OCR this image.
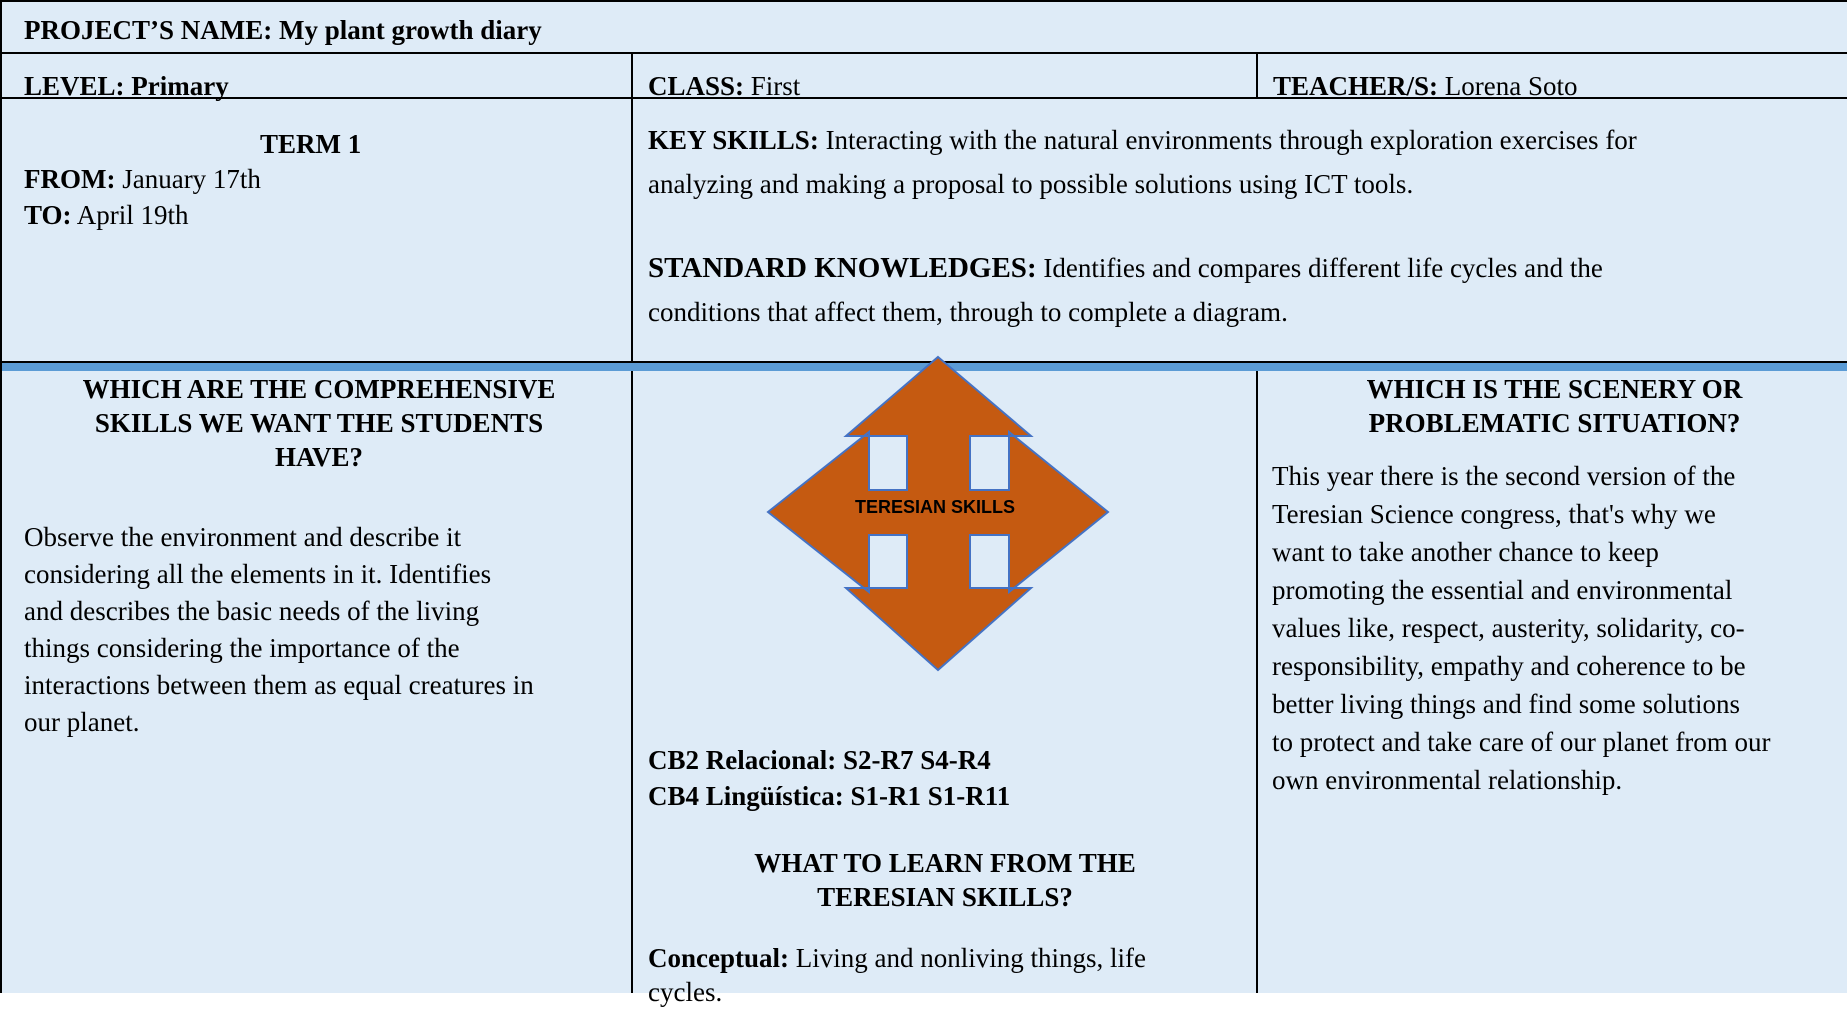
PROJECT’S NAME: My plant growth diary
LEVEL: Primary	CLASS: First	TEACHER/S: Lorena Soto
TERM 1
FROM: January 17th
TO: April 19th
KEY SKILLS: Interacting with the natural environments through exploration exercises for
analyzing and making a proposal to possible solutions using ICT tools.
STANDARD KNOWLEDGES: Identifies and compares different life cycles and the
conditions that affect them, through to complete a diagram.
WHICH ARE THE COMPREHENSIVE
SKILLS WE WANT THE STUDENTS
HAVE?
Observe the environment and describe it
considering all the elements in it. Identifies
and describes the basic needs of the living
things considering the importance of the
interactions between them as equal creatures in
our planet.
TERESIAN SKILLS
CB2 Relacional: S2-R7 S4-R4
CB4 Lingüística: S1-R1 S1-R11
WHAT TO LEARN FROM THE
TERESIAN SKILLS?
Conceptual: Living and nonliving things, life
cycles.
WHICH IS THE SCENERY OR
PROBLEMATIC SITUATION?
This year there is the second version of the
Teresian Science congress, that's why we
want to take another chance to keep
promoting the essential and environmental
values like, respect, austerity, solidarity, co-
responsibility, empathy and coherence to be
better living things and find some solutions
to protect and take care of our planet from our
own environmental relationship.
